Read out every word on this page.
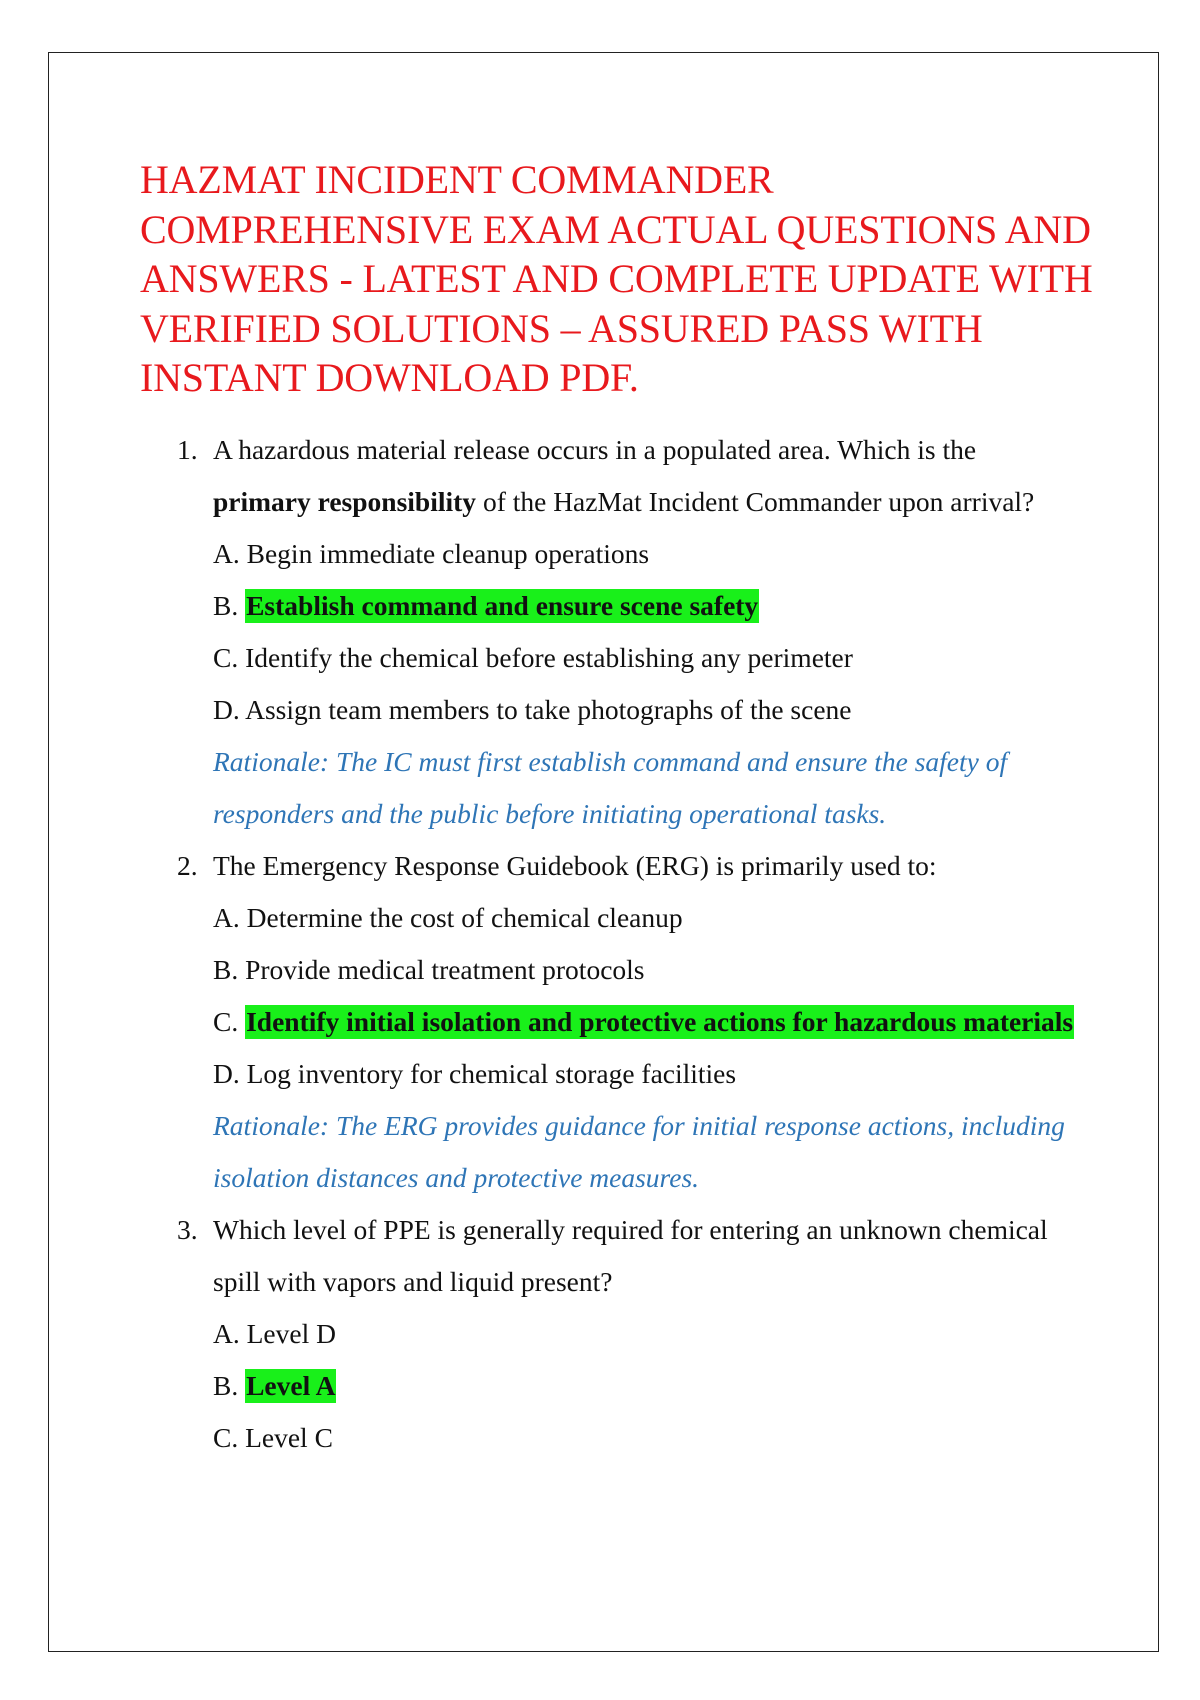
HAZMAT INCIDENT COMMANDER COMPREHENSIVE EXAM ACTUAL QUESTIONS AND ANSWERS - LATEST AND COMPLETE UPDATE WITH VERIFIED SOLUTIONS – ASSURED PASS WITH INSTANT DOWNLOAD PDF.
1. A hazardous material release occurs in a populated area. Which is the
primary responsibility of the HazMat Incident Commander upon arrival?
A. Begin immediate cleanup operations
B. Establish command and ensure scene safety
C. Identify the chemical before establishing any perimeter
D. Assign team members to take photographs of the scene
Rationale: The IC must first establish command and ensure the safety of responders and the public before initiating operational tasks.
2. The Emergency Response Guidebook (ERG) is primarily used to:
A. Determine the cost of chemical cleanup
B. Provide medical treatment protocols
C. Identify initial isolation and protective actions for hazardous materials
D. Log inventory for chemical storage facilities
Rationale: The ERG provides guidance for initial response actions, including isolation distances and protective measures.
3. Which level of PPE is generally required for entering an unknown chemical spill with vapors and liquid present?
A. Level D
B. Level A
C. Level C
